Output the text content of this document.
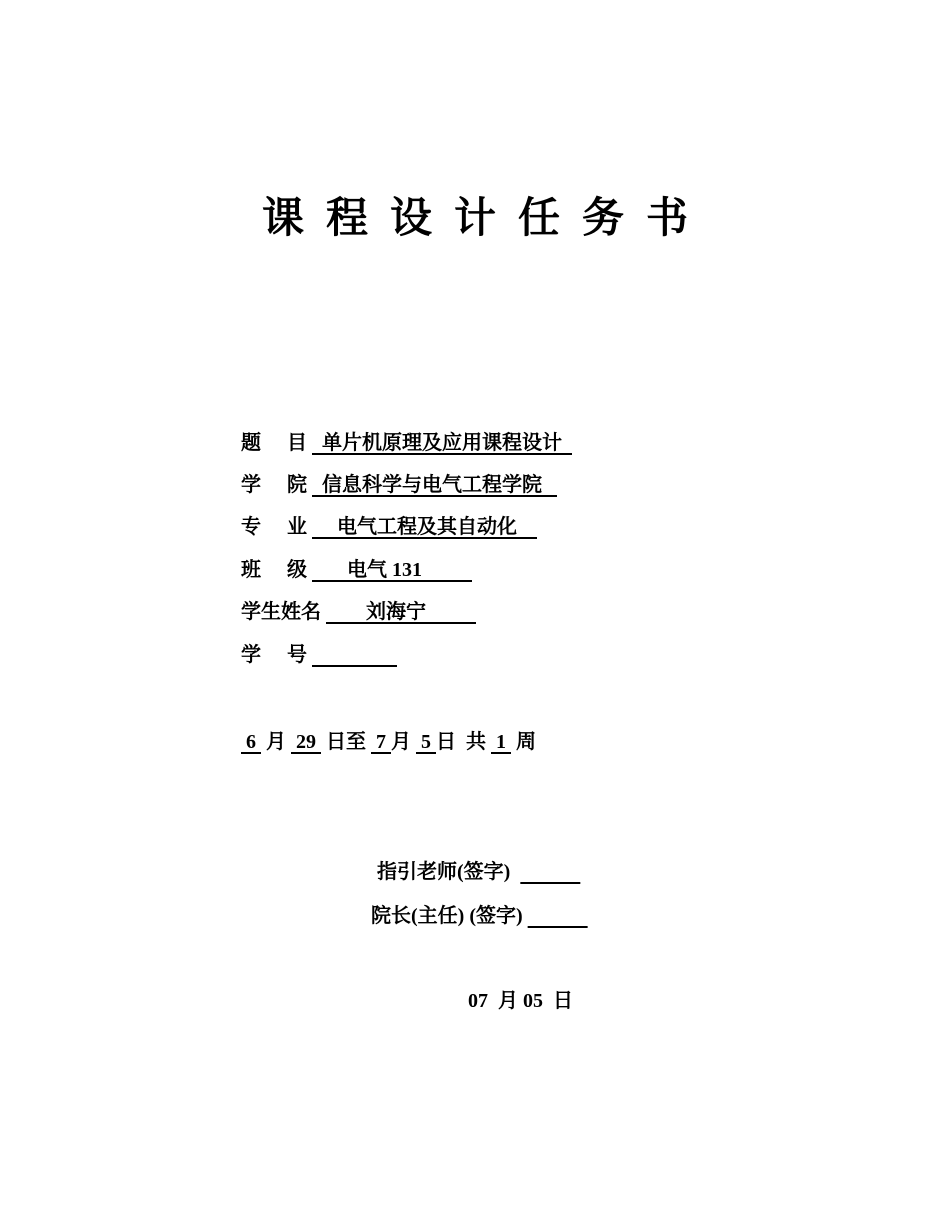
课程设计任务书
题 目 单片机原理及应用课程设计
学 院 信息科学与电气工程学院
专 业 电气工程及其自动化
班 级 电气 131
学生姓名         刘海宁
学 号

6  月  29  日至  7 月  5 日  共  1  周
指引老师(签字)
院长(主任) (签字)
07  月 05  日
